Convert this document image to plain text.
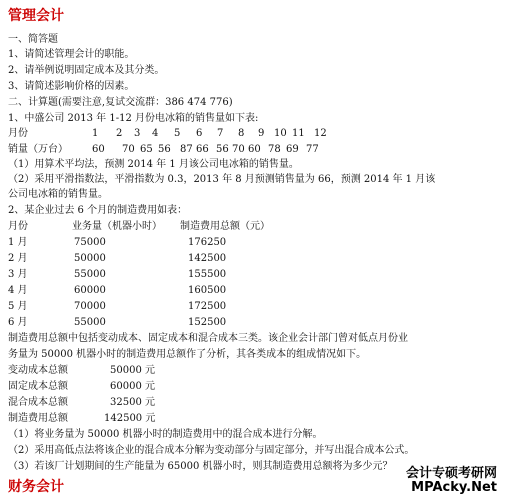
管理会计
一、简答题
1、请简述管理会计的职能。
2、请举例说明固定成本及其分类。
3、请简述影响价格的因素。
二、计算题(需要注意,复试交流群：386 474 776)
1、中盛公司 2013 年 1-12 月份电冰箱的销售量如下表:
月份	1 2 3 4 5 6 7 8 9 10 11 12
销量（万台） 60 70 65 56 87 66 56 70 60 78 69 77
（1）用算术平均法，预测 2014 年 1 月该公司电冰箱的销售量。
（2）采用平滑指数法，平滑指数为 0.3，2013 年 8 月预测销售量为 66，预测 2014 年 1 月该
公司电冰箱的销售量。
2、某企业过去 6 个月的制造费用如表：
月份	业务量（机器小时） 制造费用总额（元）
1 月	75000	176250
2 月	50000	142500
3 月	55000	155500
4 月	60000	160500
5 月	70000	172500
6 月	55000	152500
制造费用总额中包括变动成本、固定成本和混合成本三类。该企业会计部门曾对低点月份业
务量为 50000 机器小时的制造费用总额作了分析，其各类成本的组成情况如下。
变动成本总额	50000 元
固定成本总额	60000 元
混合成本总额	32500 元
制造费用总额	142500 元
（1）将业务量为 50000 机器小时的制造费用中的混合成本进行分解。
（2）采用高低点法将该企业的混合成本分解为变动部分与固定部分，并写出混合成本公式。
（3）若该厂计划期间的生产能量为 65000 机器小时，则其制造费用总额将为多少元？
财务会计
会计专硕考研网
MPAcky.Net
